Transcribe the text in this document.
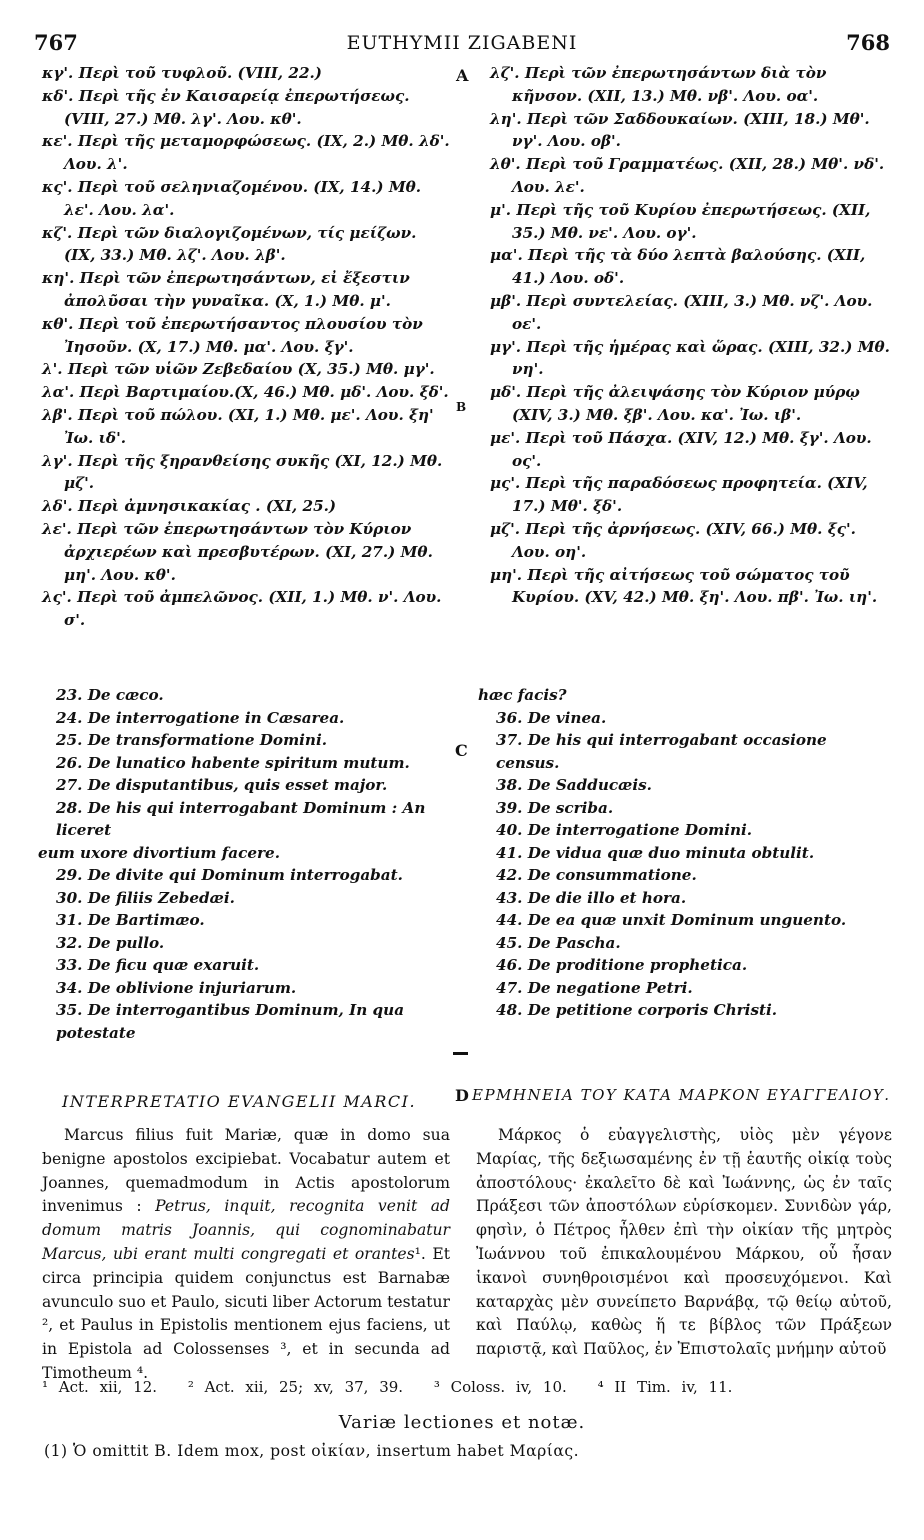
767	EUTHYMII ZIGABENI	768
A
B
C
D

κγ'. Περὶ τοῦ τυφλοῦ. (VIII, 22.)

κδ'. Περὶ τῆς ἐν Καισαρείᾳ ἐπερωτήσεως. (VIII, 27.) Μθ. λγ'. Λου. κθ'.

κε'. Περὶ τῆς μεταμορφώσεως. (IX, 2.) Μθ. λδ'. Λου. λ'.

κς'. Περὶ τοῦ σεληνιαζομένου. (IX, 14.) Μθ. λε'. Λου. λα'.

κζ'. Περὶ τῶν διαλογιζομένων, τίς μείζων. (IX, 33.) Μθ. λζ'. Λου. λβ'.

κη'. Περὶ τῶν ἐπερωτησάντων, εἰ ἔξεστιν ἀπολῦσαι τὴν γυναῖκα. (X, 1.) Μθ. μ'.

κθ'. Περὶ τοῦ ἐπερωτήσαντος πλουσίου τὸν Ἰησοῦν. (X, 17.) Μθ. μα'. Λου. ξγ'.

λ'. Περὶ τῶν υἱῶν Ζεβεδαίου (X, 35.) Μθ. μγ'.

λα'. Περὶ Βαρτιμαίου.(X, 46.) Μθ. μδ'. Λου. ξδ'.

λβ'. Περὶ τοῦ πώλου. (XI, 1.) Μθ. με'. Λου. ξη' Ἰω. ιδ'.

λγ'. Περὶ τῆς ξηρανθείσης συκῆς (XI, 12.) Μθ. μζ'.

λδ'. Περὶ ἀμνησικακίας . (XI, 25.)

λε'. Περὶ τῶν ἐπερωτησάντων τὸν Κύριον ἀρχιερέων καὶ πρεσβυτέρων. (XI, 27.) Μθ. μη'. Λου. κθ'.

λς'. Περὶ τοῦ ἀμπελῶνος. (XII, 1.) Μθ. ν'. Λου. σ'.

λζ'. Περὶ τῶν ἐπερωτησάντων διὰ τὸν κῆνσον. (XII, 13.) Μθ. νβ'. Λου. οα'.

λη'. Περὶ τῶν Σαδδουκαίων. (XIII, 18.) Μθ'. νγ'. Λου. οβ'.

λθ'. Περὶ τοῦ Γραμματέως. (XII, 28.) Μθ'. νδ'. Λου. λε'.

μ'. Περὶ τῆς τοῦ Κυρίου ἐπερωτήσεως. (XII, 35.) Μθ. νε'. Λου. ογ'.

μα'. Περὶ τῆς τὰ δύο λεπτὰ βαλούσης. (XII, 41.) Λου. οδ'.

μβ'. Περὶ συντελείας. (XIII, 3.) Μθ. νζ'. Λου. οε'.

μγ'. Περὶ τῆς ἡμέρας καὶ ὥρας. (XIII, 32.) Μθ. νη'.

μδ'. Περὶ τῆς ἀλειψάσης τὸν Κύριον μύρῳ (XIV, 3.) Μθ. ξβ'. Λου. κα'. Ἰω. ιβ'.

με'. Περὶ τοῦ Πάσχα. (XIV, 12.) Μθ. ξγ'. Λου. ος'.

μς'. Περὶ τῆς παραδόσεως προφητεία. (XIV, 17.) Μθ'. ξδ'.

μζ'. Περὶ τῆς ἀρνήσεως. (XIV, 66.) Μθ. ξς'. Λου. οη'.

μη'. Περὶ τῆς αἰτήσεως τοῦ σώματος τοῦ Κυρίου. (XV, 42.) Μθ. ξη'. Λου. πβ'. Ἰω. ιη'.

23. De cæco.

24. De interrogatione in Cæsarea.

25. De transformatione Domini.

26. De lunatico habente spiritum mutum.

27. De disputantibus, quis esset major.

28. De his qui interrogabant Dominum : An liceret

eum uxore divortium facere.

29. De divite qui Dominum interrogabat.

30. De filiis Zebedæi.

31. De Bartimæo.

32. De pullo.

33. De ficu quæ exaruit.

34. De oblivione injuriarum.

35. De interrogantibus Dominum, In qua potestate

hæc facis?

36. De vinea.

37. De his qui interrogabant occasione census.

38. De Sadducæis.

39. De scriba.

40. De interrogatione Domini.

41. De vidua quæ duo minuta obtulit.

42. De consummatione.

43. De die illo et hora.

44. De ea quæ unxit Dominum unguento.

45. De Pascha.

46. De proditione prophetica.

47. De negatione Petri.

48. De petitione corporis Christi.

INTERPRETATIO EVANGELII MARCI.	ΕΡΜΗΝΕΙΑ ΤΟΥ ΚΑΤΑ ΜΑΡΚΟΝ ΕΥΑΓΓΕΛΙΟΥ.

Marcus filius fuit Mariæ, quæ in domo sua benigne apostolos excipiebat. Vocabatur autem et Joannes, quemadmodum in Actis apostolorum invenimus : Petrus, inquit, recognita venit ad domum matris Joannis, qui cognominabatur Marcus, ubi erant multi congregati et orantes¹. Et circa principia quidem conjunctus est Barnabæ avunculo suo et Paulo, sicuti liber Actorum testatur ², et Paulus in Epistolis mentionem ejus faciens, ut in Epistola ad Colossenses ³, et in secunda ad Timotheum ⁴.

Μάρκος ὁ εὐαγγελιστὴς, υἱὸς μὲν γέγονε Μαρίας, τῆς δεξιωσαμένης ἐν τῇ ἑαυτῆς οἰκίᾳ τοὺς ἀποστόλους· ἐκαλεῖτο δὲ καὶ Ἰωάννης, ὡς ἐν ταῖς Πράξεσι τῶν ἀποστόλων εὑρίσκομεν. Συνιδὼν γάρ, φησὶν, ὁ Πέτρος ἦλθεν ἐπὶ τὴν οἰκίαν τῆς μητρὸς Ἰωάννου τοῦ ἐπικαλουμένου Μάρκου, οὗ ἦσαν ἱκανοὶ συνηθροισμένοι καὶ προσευχόμενοι. Καὶ καταρχὰς μὲν συνείπετο Βαρνάβᾳ, τῷ θείῳ αὐτοῦ, καὶ Παύλῳ, καθὼς ἥ τε βίβλος τῶν Πράξεων παριστᾷ, καὶ Παῦλος, ἐν Ἐπιστολαῖς μνήμην αὐτοῦ

¹ Act. xii, 12. ² Act. xii, 25; xv, 37, 39. ³ Coloss. iv, 10. ⁴ II Tim. iv, 11.
Variæ lectiones et notæ.
(1) Ὁ omittit B. Idem mox, post οἰκίαν, insertum habet Μαρίας.
